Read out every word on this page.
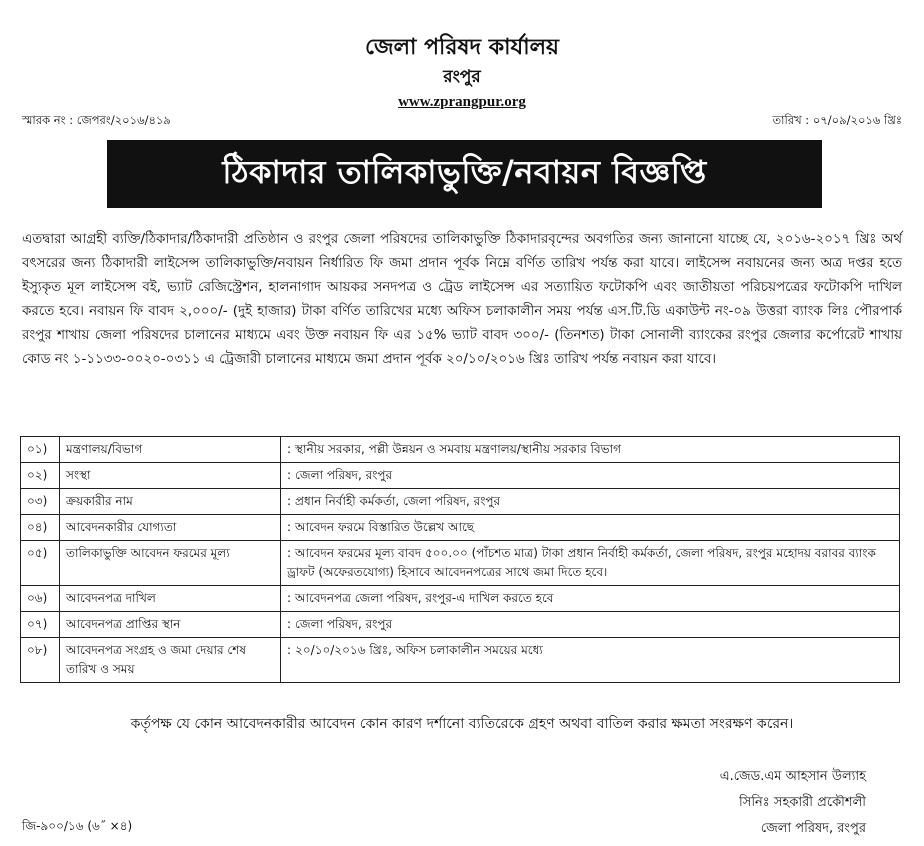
জেলা পরিষদ কার্যালয়
রংপুর
www.zprangpur.org
স্মারক নং : জেপরং/২০১৬/৪১৯	তারিখ : ০৭/০৯/২০১৬ খ্রিঃ
ঠিকাদার তালিকাভুক্তি/নবায়ন বিজ্ঞপ্তি

এতদ্বারা আগ্রহী ব্যক্তি/ঠিকাদার/ঠিকাদারী প্রতিষ্ঠান ও রংপুর জেলা পরিষদের তালিকাভুক্তি ঠিকাদারবৃন্দের অবগতির জন্য জানানো যাচ্ছে যে, ২০১৬-২০১৭ খ্রিঃ অর্থ বৎসরের জন্য ঠিকাদারী লাইসেন্স তালিকাভুক্তি/নবায়ন নির্ধারিত ফি জমা প্রদান পূর্বক নিম্নে বর্ণিত তারিখ পর্যন্ত করা যাবে। লাইসেন্স নবায়নের জন্য অত্র দপ্তর হতে ইস্যুকৃত মূল লাইসেন্স বই, ভ্যাট রেজিস্ট্রেশন, হালনাগাদ আয়কর সনদপত্র ও ট্রেড লাইসেন্স এর সত্যায়িত ফটোকপি এবং জাতীয়তা পরিচয়পত্রের ফটোকপি দাখিল করতে হবে। নবায়ন ফি বাবদ ২,০০০/- (দুই হাজার) টাকা বর্ণিত তারিখের মধ্যে অফিস চলাকালীন সময় পর্যন্ত এস.টি.ডি একাউন্ট নং-০৯ উত্তরা ব্যাংক লিঃ পৌরপার্ক রংপুর শাখায় জেলা পরিষদের চালানের মাধ্যমে এবং উক্ত নবায়ন ফি এর ১৫% ভ্যাট বাবদ ৩০০/- (তিনশত) টাকা সোনালী ব্যাংকের রংপুর জেলার কর্পোরেট শাখায় কোড নং ১-১১৩৩-০০২০-০৩১১ এ ট্রেজারী চালানের মাধ্যমে জমা প্রদান পূর্বক ২০/১০/২০১৬ খ্রিঃ তারিখ পর্যন্ত নবায়ন করা যাবে।

০১)	মন্ত্রণালয়/বিভাগ	: স্থানীয় সরকার, পল্লী উন্নয়ন ও সমবায় মন্ত্রণালয়/স্থানীয় সরকার বিভাগ
০২)	সংস্থা	: জেলা পরিষদ, রংপুর
০৩)	ক্রয়কারীর নাম	: প্রধান নির্বাহী কর্মকর্তা, জেলা পরিষদ, রংপুর
০৪)	আবেদনকারীর যোগ্যতা	: আবেদন ফরমে বিস্তারিত উল্লেখ আছে
০৫)	তালিকাভুক্তি আবেদন ফরমের মূল্য	: আবেদন ফরমের মূল্য বাবদ ৫০০.০০ (পাঁচশত মাত্র) টাকা প্রধান নির্বাহী কর্মকর্তা, জেলা পরিষদ, রংপুর মহোদয় বরাবর ব্যাংক ড্রাফট (অফেরতযোগ্য) হিসাবে আবেদনপত্রের সাথে জমা দিতে হবে।
০৬)	আবেদনপত্র দাখিল	: আবেদনপত্র জেলা পরিষদ, রংপুর-এ দাখিল করতে হবে
০৭)	আবেদনপত্র প্রাপ্তির স্থান	: জেলা পরিষদ, রংপুর
০৮)	আবেদনপত্র সংগ্রহ ও জমা দেয়ার শেষ তারিখ ও সময়	: ২০/১০/২০১৬ খ্রিঃ, অফিস চলাকালীন সময়ের মধ্যে
কর্তৃপক্ষ যে কোন আবেদনকারীর আবেদন কোন কারণ দর্শানো ব্যতিরেকে গ্রহণ অথবা বাতিল করার ক্ষমতা সংরক্ষণ করেন।
এ.জেড.এম আহসান উল্যাহ
সিনিঃ সহকারী প্রকৌশলী
জেলা পরিষদ, রংপুর
জি-৯০০/১৬ (৬˝ ×৪)
